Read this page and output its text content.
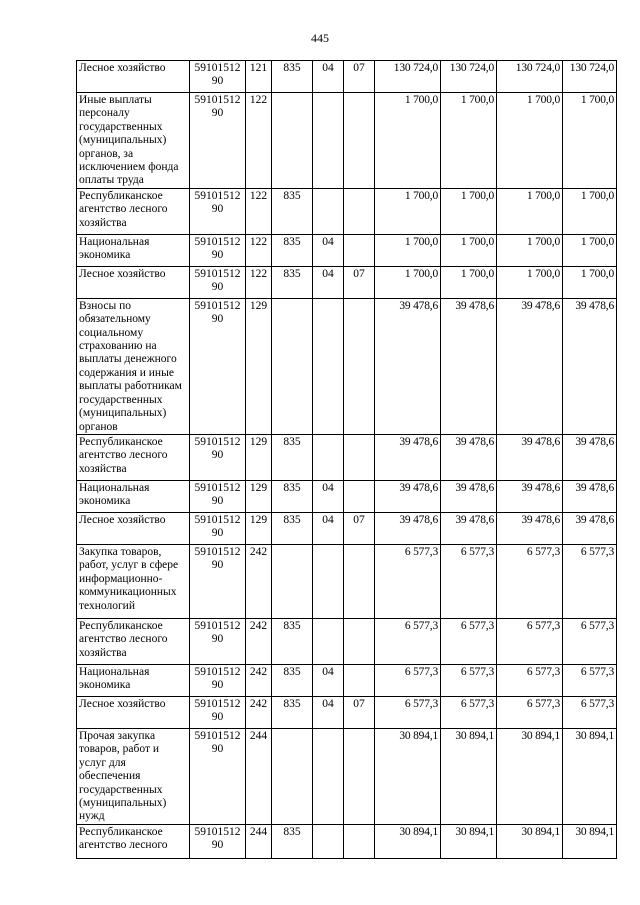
445
Лесное хозяйство	5910151290	121	835	04	07	130 724,0	130 724,0	130 724,0	130 724,0
Иные выплаты персоналу государственных (муниципальных) органов, за исключением фонда оплаты труда	5910151290	122				1 700,0	1 700,0	1 700,0	1 700,0
Республиканское агентство лесного хозяйства	5910151290	122	835			1 700,0	1 700,0	1 700,0	1 700,0
Национальная экономика	5910151290	122	835	04		1 700,0	1 700,0	1 700,0	1 700,0
Лесное хозяйство	5910151290	122	835	04	07	1 700,0	1 700,0	1 700,0	1 700,0
Взносы по обязательному социальному страхованию на выплаты денежного содержания и иные выплаты работникам государственных (муниципальных) органов	5910151290	129				39 478,6	39 478,6	39 478,6	39 478,6
Республиканское агентство лесного хозяйства	5910151290	129	835			39 478,6	39 478,6	39 478,6	39 478,6
Национальная экономика	5910151290	129	835	04		39 478,6	39 478,6	39 478,6	39 478,6
Лесное хозяйство	5910151290	129	835	04	07	39 478,6	39 478,6	39 478,6	39 478,6
Закупка товаров, работ, услуг в сфере информационно-коммуникационных технологий	5910151290	242				6 577,3	6 577,3	6 577,3	6 577,3
Республиканское агентство лесного хозяйства	5910151290	242	835			6 577,3	6 577,3	6 577,3	6 577,3
Национальная экономика	5910151290	242	835	04		6 577,3	6 577,3	6 577,3	6 577,3
Лесное хозяйство	5910151290	242	835	04	07	6 577,3	6 577,3	6 577,3	6 577,3
Прочая закупка товаров, работ и услуг для обеспечения государственных (муниципальных) нужд	5910151290	244				30 894,1	30 894,1	30 894,1	30 894,1
Республиканское агентство лесного	5910151290	244	835			30 894,1	30 894,1	30 894,1	30 894,1
